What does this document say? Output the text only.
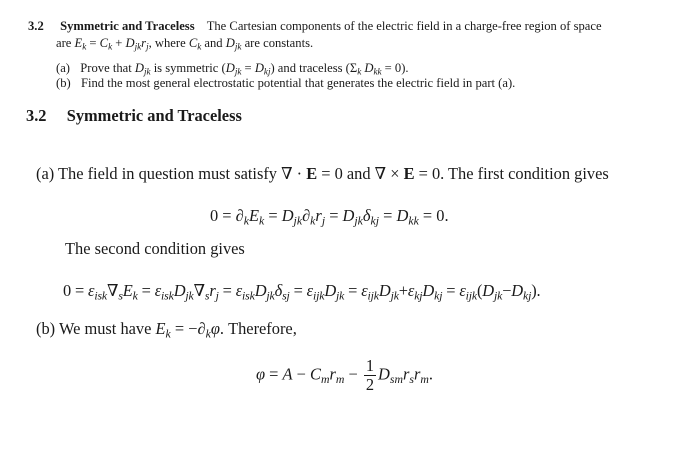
3.2 Symmetric and Traceless The Cartesian components of the electric field in a charge-free region of space
are $E_k = C_k + D_{jk}r_j$, where $C_k$ and $D_{jk}$ are constants.
(a) Prove that $D_{jk}$ is symmetric $(D_{jk} = D_{kj})$ and traceless ($\Sigma_k$ $D_{kk} = 0$).
(b) Find the most general electrostatic potential that generates the electric field in part (a).
3.2 Symmetric and Traceless
(a) The field in question must satisfy ∇ · E = 0 and ∇ × E = 0. The first condition gives
$0 = \partial_kE_k = D_{jk}\partial_kr_j = D_{jk}\delta_{kj} = D_{kk} = 0$.
The second condition gives
$0 = \varepsilon_{isk}\nabla_sE_k = \varepsilon_{isk}D_{jk}\nabla_sr_j = \varepsilon_{isk}D_{jk}\delta_{sj} = \varepsilon_{ijk}D_{jk} = \varepsilon_{ijk}D_{jk}+\varepsilon_{kj}D_{kj} = \varepsilon_{ijk}(D_{jk}-D_{kj})$.
(b) We must have $E_k = -\partial_k\varphi$. Therefore,
$\varphi = A - C_mr_m - \frac{1}{2} D_{sm}r_sr_m$.
